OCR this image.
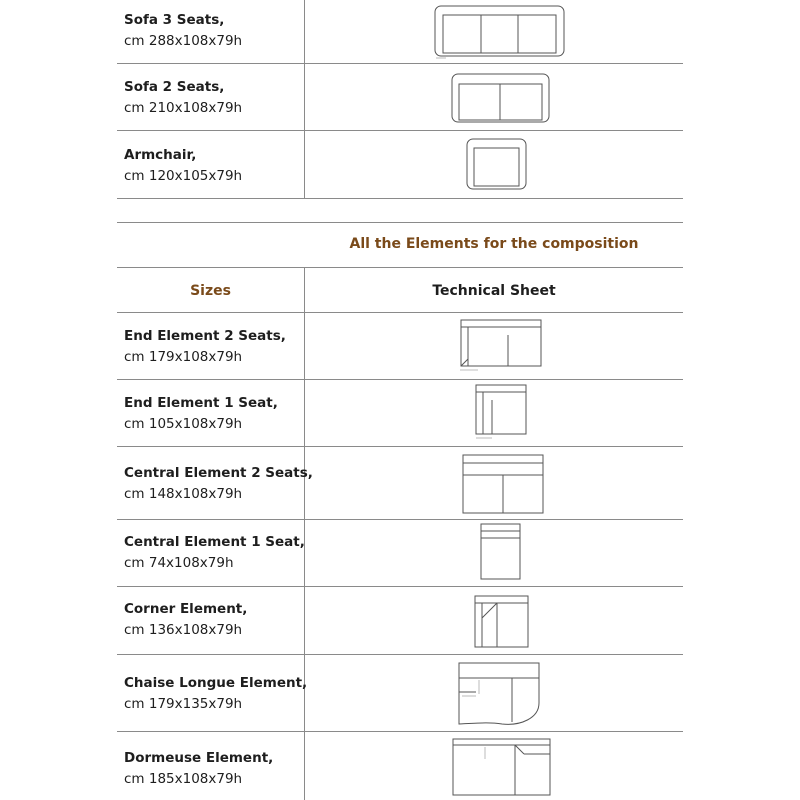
Sofa 3 Seats,
cm 288x108x79h
Sofa 2 Seats,
cm 210x108x79h
Armchair,
cm 120x105x79h
All the Elements for the composition
Sizes	Technical Sheet
End Element 2 Seats,
cm 179x108x79h
End Element 1 Seat,
cm 105x108x79h
Central Element 2 Seats,
cm 148x108x79h
Central Element 1 Seat,
cm 74x108x79h
Corner Element,
cm 136x108x79h
Chaise Longue Element,
cm 179x135x79h
Dormeuse Element,
cm 185x108x79h
